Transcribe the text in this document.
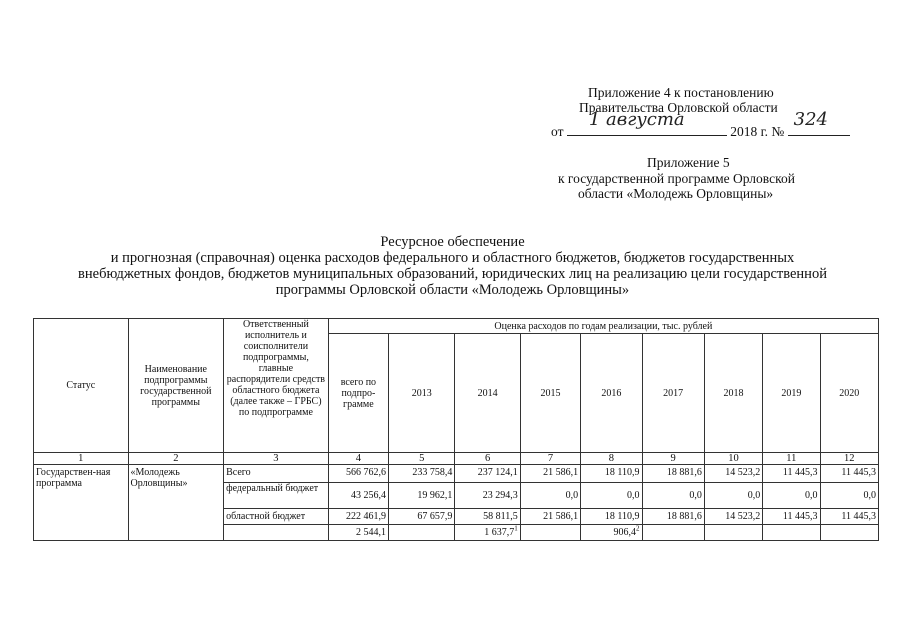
Приложение 4 к постановлению
Правительства Орловской области
от
1 августа
2018 г. №
324
Приложение 5
к государственной программе Орловской
области «Молодежь Орловщины»
Ресурсное обеспечение
и прогнозная (справочная) оценка расходов федерального и областного бюджетов, бюджетов государственных
внебюджетных фондов, бюджетов муниципальных образований, юридических лиц на реализацию цели государственной
программы Орловской области «Молодежь Орловщины»
Статус	Наименование подпрограммы государственной программы	Ответственный исполнитель и соисполнители подпрограммы, главные распорядители средств областного бюджета (далее также – ГРБС) по подпрограмме	Оценка расходов по годам реализации, тыс. рублей								
			всего по подпро-грамме	2013	2014	2015	2016	2017	2018	2019	2020
1	2	3	4	5	6	7	8	9	10	11	12
Государствен-ная программа	«Молодежь Орловщины»	Всего	566 762,6	233 758,4	237 124,1	21 586,1	18 110,9	18 881,6	14 523,2	11 445,3	11 445,3
		федеральный бюджет	43 256,4	19 962,1	23 294,3	0,0	0,0	0,0	0,0	0,0	0,0
		областной бюджет	222 461,9	67 657,9	58 811,5	21 586,1	18 110,9	18 881,6	14 523,2	11 445,3	11 445,3
			2 544,1		1 637,7$^1$		906,4$^2$				
